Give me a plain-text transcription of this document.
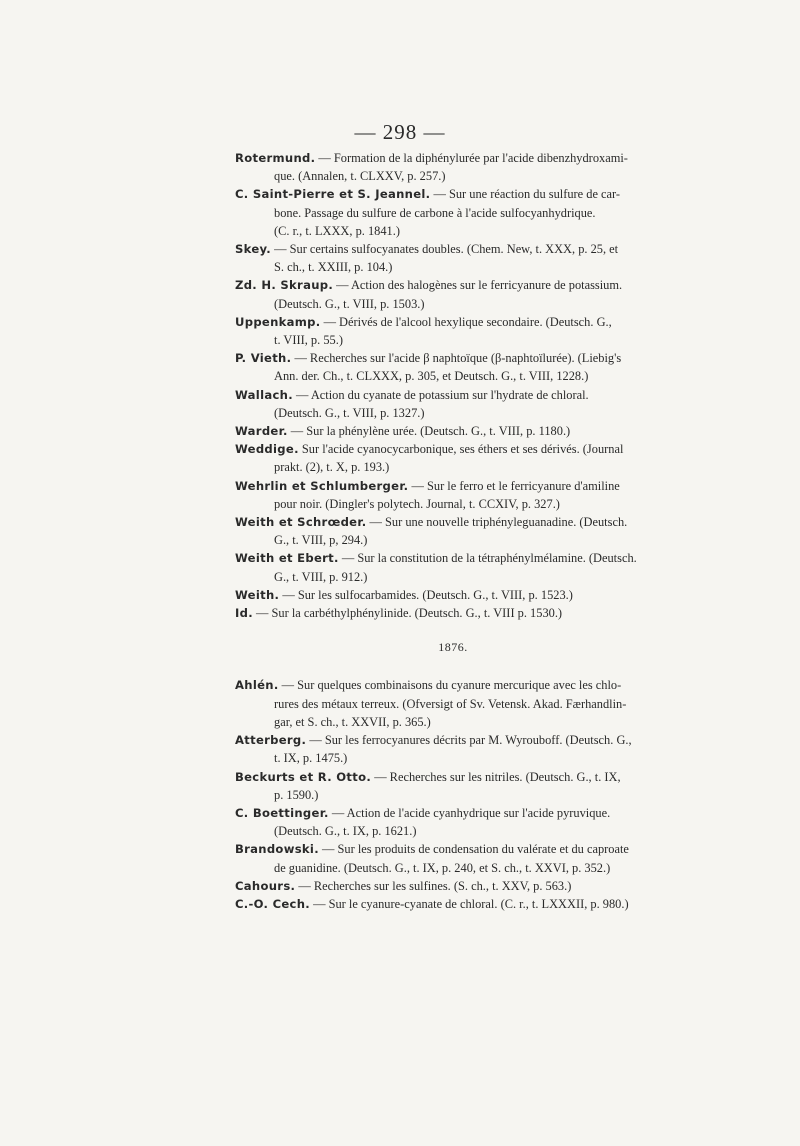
— 298 —
Rotermund. — Formation de la diphénylurée par l'acide dibenzhydroxami-
que. (Annalen, t. CLXXV, p. 257.)
C. Saint-Pierre et S. Jeannel. — Sur une réaction du sulfure de car-
bone. Passage du sulfure de carbone à l'acide sulfocyanhydrique.
(C. r., t. LXXX, p. 1841.)
Skey. — Sur certains sulfocyanates doubles. (Chem. New, t. XXX, p. 25, et
S. ch., t. XXIII, p. 104.)
Zd. H. Skraup. — Action des halogènes sur le ferricyanure de potassium.
(Deutsch. G., t. VIII, p. 1503.)
Uppenkamp. — Dérivés de l'alcool hexylique secondaire. (Deutsch. G.,
t. VIII, p. 55.)
P. Vieth. — Recherches sur l'acide β naphtoïque (β-naphtoïlurée). (Liebig's
Ann. der. Ch., t. CLXXX, p. 305, et Deutsch. G., t. VIII, 1228.)
Wallach. — Action du cyanate de potassium sur l'hydrate de chloral.
(Deutsch. G., t. VIII, p. 1327.)
Warder. — Sur la phénylène urée. (Deutsch. G., t. VIII, p. 1180.)
Weddige. Sur l'acide cyanocycarbonique, ses éthers et ses dérivés. (Journal
prakt. (2), t. X, p. 193.)
Wehrlin et Schlumberger. — Sur le ferro et le ferricyanure d'amiline
pour noir. (Dingler's polytech. Journal, t. CCXIV, p. 327.)
Weith et Schrœder. — Sur une nouvelle triphényleguanadine. (Deutsch.
G., t. VIII, p, 294.)
Weith et Ebert. — Sur la constitution de la tétraphénylmélamine. (Deutsch.
G., t. VIII, p. 912.)
Weith. — Sur les sulfocarbamides. (Deutsch. G., t. VIII, p. 1523.)
Id. — Sur la carbéthylphénylinide. (Deutsch. G., t. VIII p. 1530.)
1876.
Ahlén. — Sur quelques combinaisons du cyanure mercurique avec les chlo-
rures des métaux terreux. (Ofversigt of Sv. Vetensk. Akad. Færhandlin-
gar, et S. ch., t. XXVII, p. 365.)
Atterberg. — Sur les ferrocyanures décrits par M. Wyrouboff. (Deutsch. G.,
t. IX, p. 1475.)
Beckurts et R. Otto. — Recherches sur les nitriles. (Deutsch. G., t. IX,
p. 1590.)
C. Boettinger. — Action de l'acide cyanhydrique sur l'acide pyruvique.
(Deutsch. G., t. IX, p. 1621.)
Brandowski. — Sur les produits de condensation du valérate et du caproate
de guanidine. (Deutsch. G., t. IX, p. 240, et S. ch., t. XXVI, p. 352.)
Cahours. — Recherches sur les sulfines. (S. ch., t. XXV, p. 563.)
C.-O. Cech. — Sur le cyanure-cyanate de chloral. (C. r., t. LXXXII, p. 980.)
